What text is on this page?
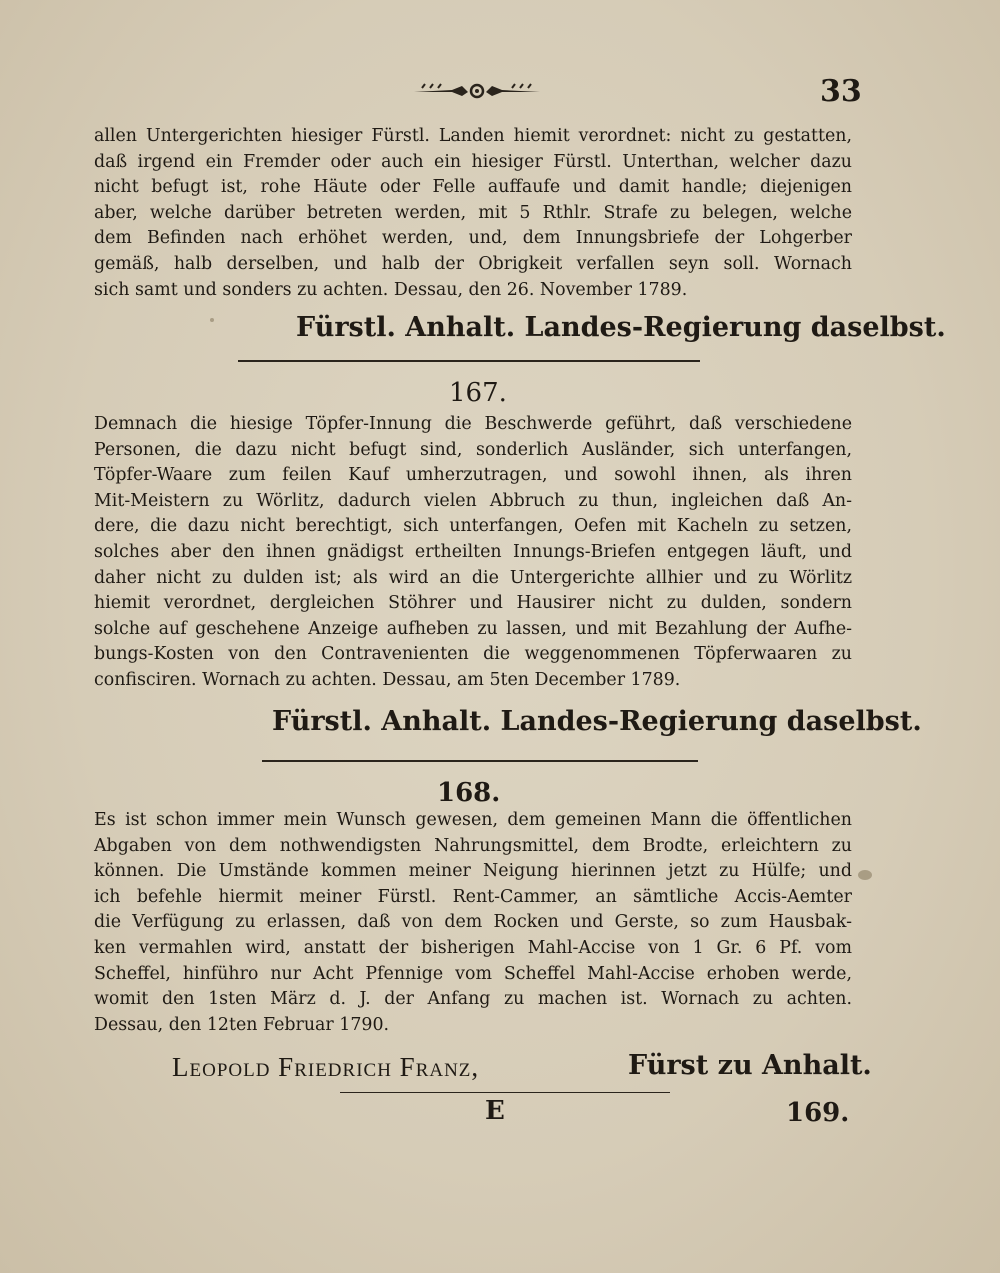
33
allen Untergerichten hiesiger Fürstl. Landen hiemit verordnet: nicht zu gestatten,
daß irgend ein Fremder oder auch ein hiesiger Fürstl. Unterthan, welcher dazu
nicht befugt ist, rohe Häute oder Felle auffaufe und damit handle; diejenigen
aber, welche darüber betreten werden, mit 5 Rthlr. Strafe zu belegen, welche
dem Befinden nach erhöhet werden, und, dem Innungsbriefe der Lohgerber
gemäß, halb derselben, und halb der Obrigkeit verfallen seyn soll. Wornach
sich samt und sonders zu achten. Dessau, den 26. November 1789.
Fürstl. Anhalt. Landes-Regierung daselbst.
167.
Demnach die hiesige Töpfer-Innung die Beschwerde geführt, daß verschiedene
Personen, die dazu nicht befugt sind, sonderlich Ausländer, sich unterfangen,
Töpfer-Waare zum feilen Kauf umherzutragen, und sowohl ihnen, als ihren
Mit-Meistern zu Wörlitz, dadurch vielen Abbruch zu thun, ingleichen daß An-
dere, die dazu nicht berechtigt, sich unterfangen, Oefen mit Kacheln zu setzen,
solches aber den ihnen gnädigst ertheilten Innungs-Briefen entgegen läuft, und
daher nicht zu dulden ist; als wird an die Untergerichte allhier und zu Wörlitz
hiemit verordnet, dergleichen Stöhrer und Hausirer nicht zu dulden, sondern
solche auf geschehene Anzeige aufheben zu lassen, und mit Bezahlung der Aufhe-
bungs-Kosten von den Contravenienten die weggenommenen Töpferwaaren zu
confisciren. Wornach zu achten. Dessau, am 5ten December 1789.
Fürstl. Anhalt. Landes-Regierung daselbst.
168.
Es ist schon immer mein Wunsch gewesen, dem gemeinen Mann die öffentlichen
Abgaben von dem nothwendigsten Nahrungsmittel, dem Brodte, erleichtern zu
können. Die Umstände kommen meiner Neigung hierinnen jetzt zu Hülfe; und
ich befehle hiermit meiner Fürstl. Rent-Cammer, an sämtliche Accis-Aemter
die Verfügung zu erlassen, daß von dem Rocken und Gerste, so zum Hausbak-
ken vermahlen wird, anstatt der bisherigen Mahl-Accise von 1 Gr. 6 Pf. vom
Scheffel, hinführo nur Acht Pfennige vom Scheffel Mahl-Accise erhoben werde,
womit den 1sten März d. J. der Anfang zu machen ist. Wornach zu achten.
Dessau, den 12ten Februar 1790.
Leopold Friedrich Franz,	Fürst zu Anhalt.
E	169.
